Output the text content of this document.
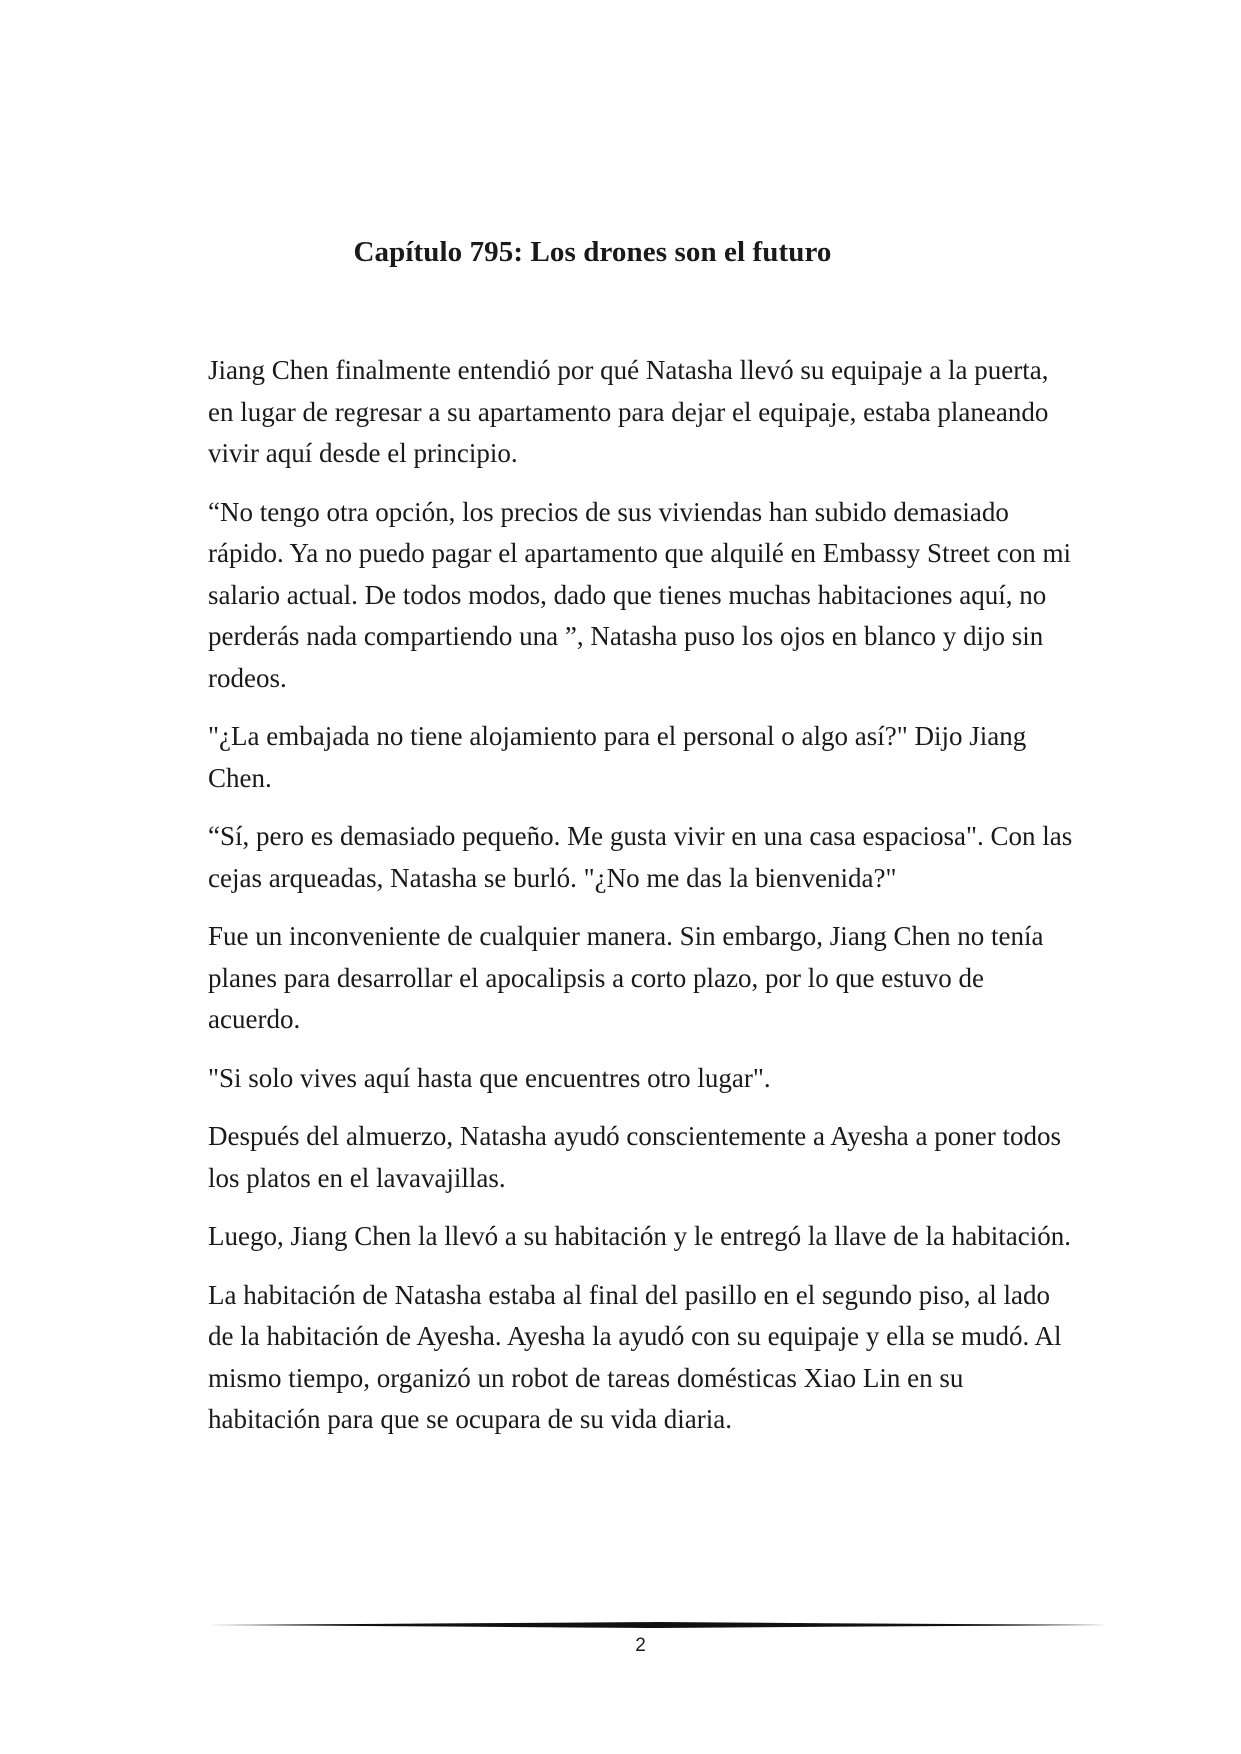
Capítulo 795: Los drones son el futuro

Jiang Chen finalmente entendió por qué Natasha llevó su equipaje a la puerta, en lugar de regresar a su apartamento para dejar el equipaje, estaba planeando vivir aquí desde el principio.

“No tengo otra opción, los precios de sus viviendas han subido demasiado rápido. Ya no puedo pagar el apartamento que alquilé en Embassy Street con mi salario actual. De todos modos, dado que tienes muchas habitaciones aquí, no perderás nada compartiendo una ”, Natasha puso los ojos en blanco y dijo sin rodeos.

"¿La embajada no tiene alojamiento para el personal o algo así?" Dijo Jiang Chen.

“Sí, pero es demasiado pequeño. Me gusta vivir en una casa espaciosa". Con las cejas arqueadas, Natasha se burló. "¿No me das la bienvenida?"

Fue un inconveniente de cualquier manera. Sin embargo, Jiang Chen no tenía planes para desarrollar el apocalipsis a corto plazo, por lo que estuvo de acuerdo.

"Si solo vives aquí hasta que encuentres otro lugar".

Después del almuerzo, Natasha ayudó conscientemente a Ayesha a poner todos los platos en el lavavajillas.

Luego, Jiang Chen la llevó a su habitación y le entregó la llave de la habitación.

La habitación de Natasha estaba al final del pasillo en el segundo piso, al lado de la habitación de Ayesha. Ayesha la ayudó con su equipaje y ella se mudó. Al mismo tiempo, organizó un robot de tareas domésticas Xiao Lin en su habitación para que se ocupara de su vida diaria.

2
